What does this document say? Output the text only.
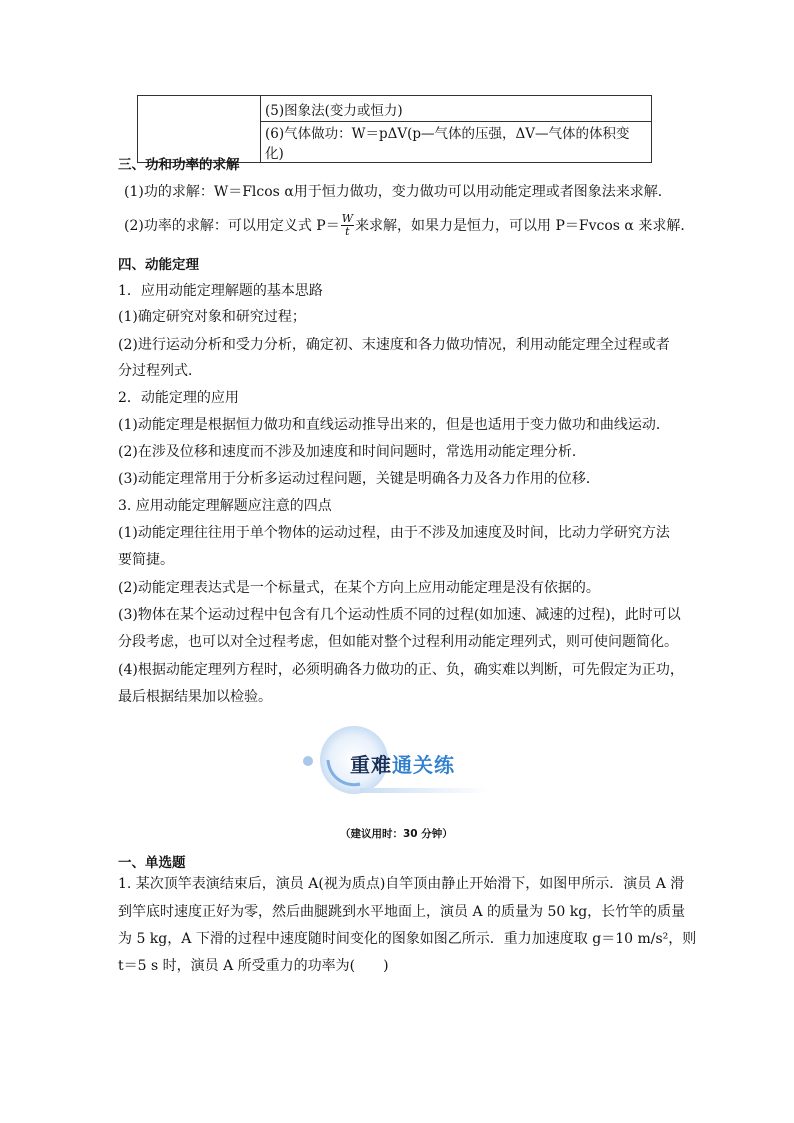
	(5)图象法(变力或恒力)
(6)气体做功：W＝pΔV(p—气体的压强，ΔV—气体的体积变化)
三、功和功率的求解
(1)功的求解：W＝Flcos α用于恒力做功，变力做功可以用动能定理或者图象法来求解．
(2)功率的求解：可以用定义式 $P= \frac{W}{t}$ 来求解，如果力是恒力，可以用 P＝Fvcos α 来求解．
四、动能定理
1．应用动能定理解题的基本思路
(1)确定研究对象和研究过程；
(2)进行运动分析和受力分析，确定初、末速度和各力做功情况，利用动能定理全过程或者
分过程列式．
2．动能定理的应用
(1)动能定理是根据恒力做功和直线运动推导出来的，但是也适用于变力做功和曲线运动．
(2)在涉及位移和速度而不涉及加速度和时间问题时，常选用动能定理分析．
(3)动能定理常用于分析多运动过程问题，关键是明确各力及各力作用的位移．
3. 应用动能定理解题应注意的四点
(1)动能定理往往用于单个物体的运动过程，由于不涉及加速度及时间，比动力学研究方法
要简捷。
(2)动能定理表达式是一个标量式，在某个方向上应用动能定理是没有依据的。
(3)物体在某个运动过程中包含有几个运动性质不同的过程(如加速、减速的过程)，此时可以
分段考虑，也可以对全过程考虑，但如能对整个过程利用动能定理列式，则可使问题简化。
(4)根据动能定理列方程时，必须明确各力做功的正、负，确实难以判断，可先假定为正功，
最后根据结果加以检验。
重难通关练
（建议用时：30 分钟）
一、单选题
1. 某次顶竿表演结束后，演员 A(视为质点)自竿顶由静止开始滑下，如图甲所示．演员 A 滑
到竿底时速度正好为零，然后曲腿跳到水平地面上，演员 A 的质量为 50 kg，长竹竿的质量
为 5 kg，A 下滑的过程中速度随时间变化的图象如图乙所示．重力加速度取 g＝10 m/s²，则
t＝5 s 时，演员 A 所受重力的功率为(　　)
